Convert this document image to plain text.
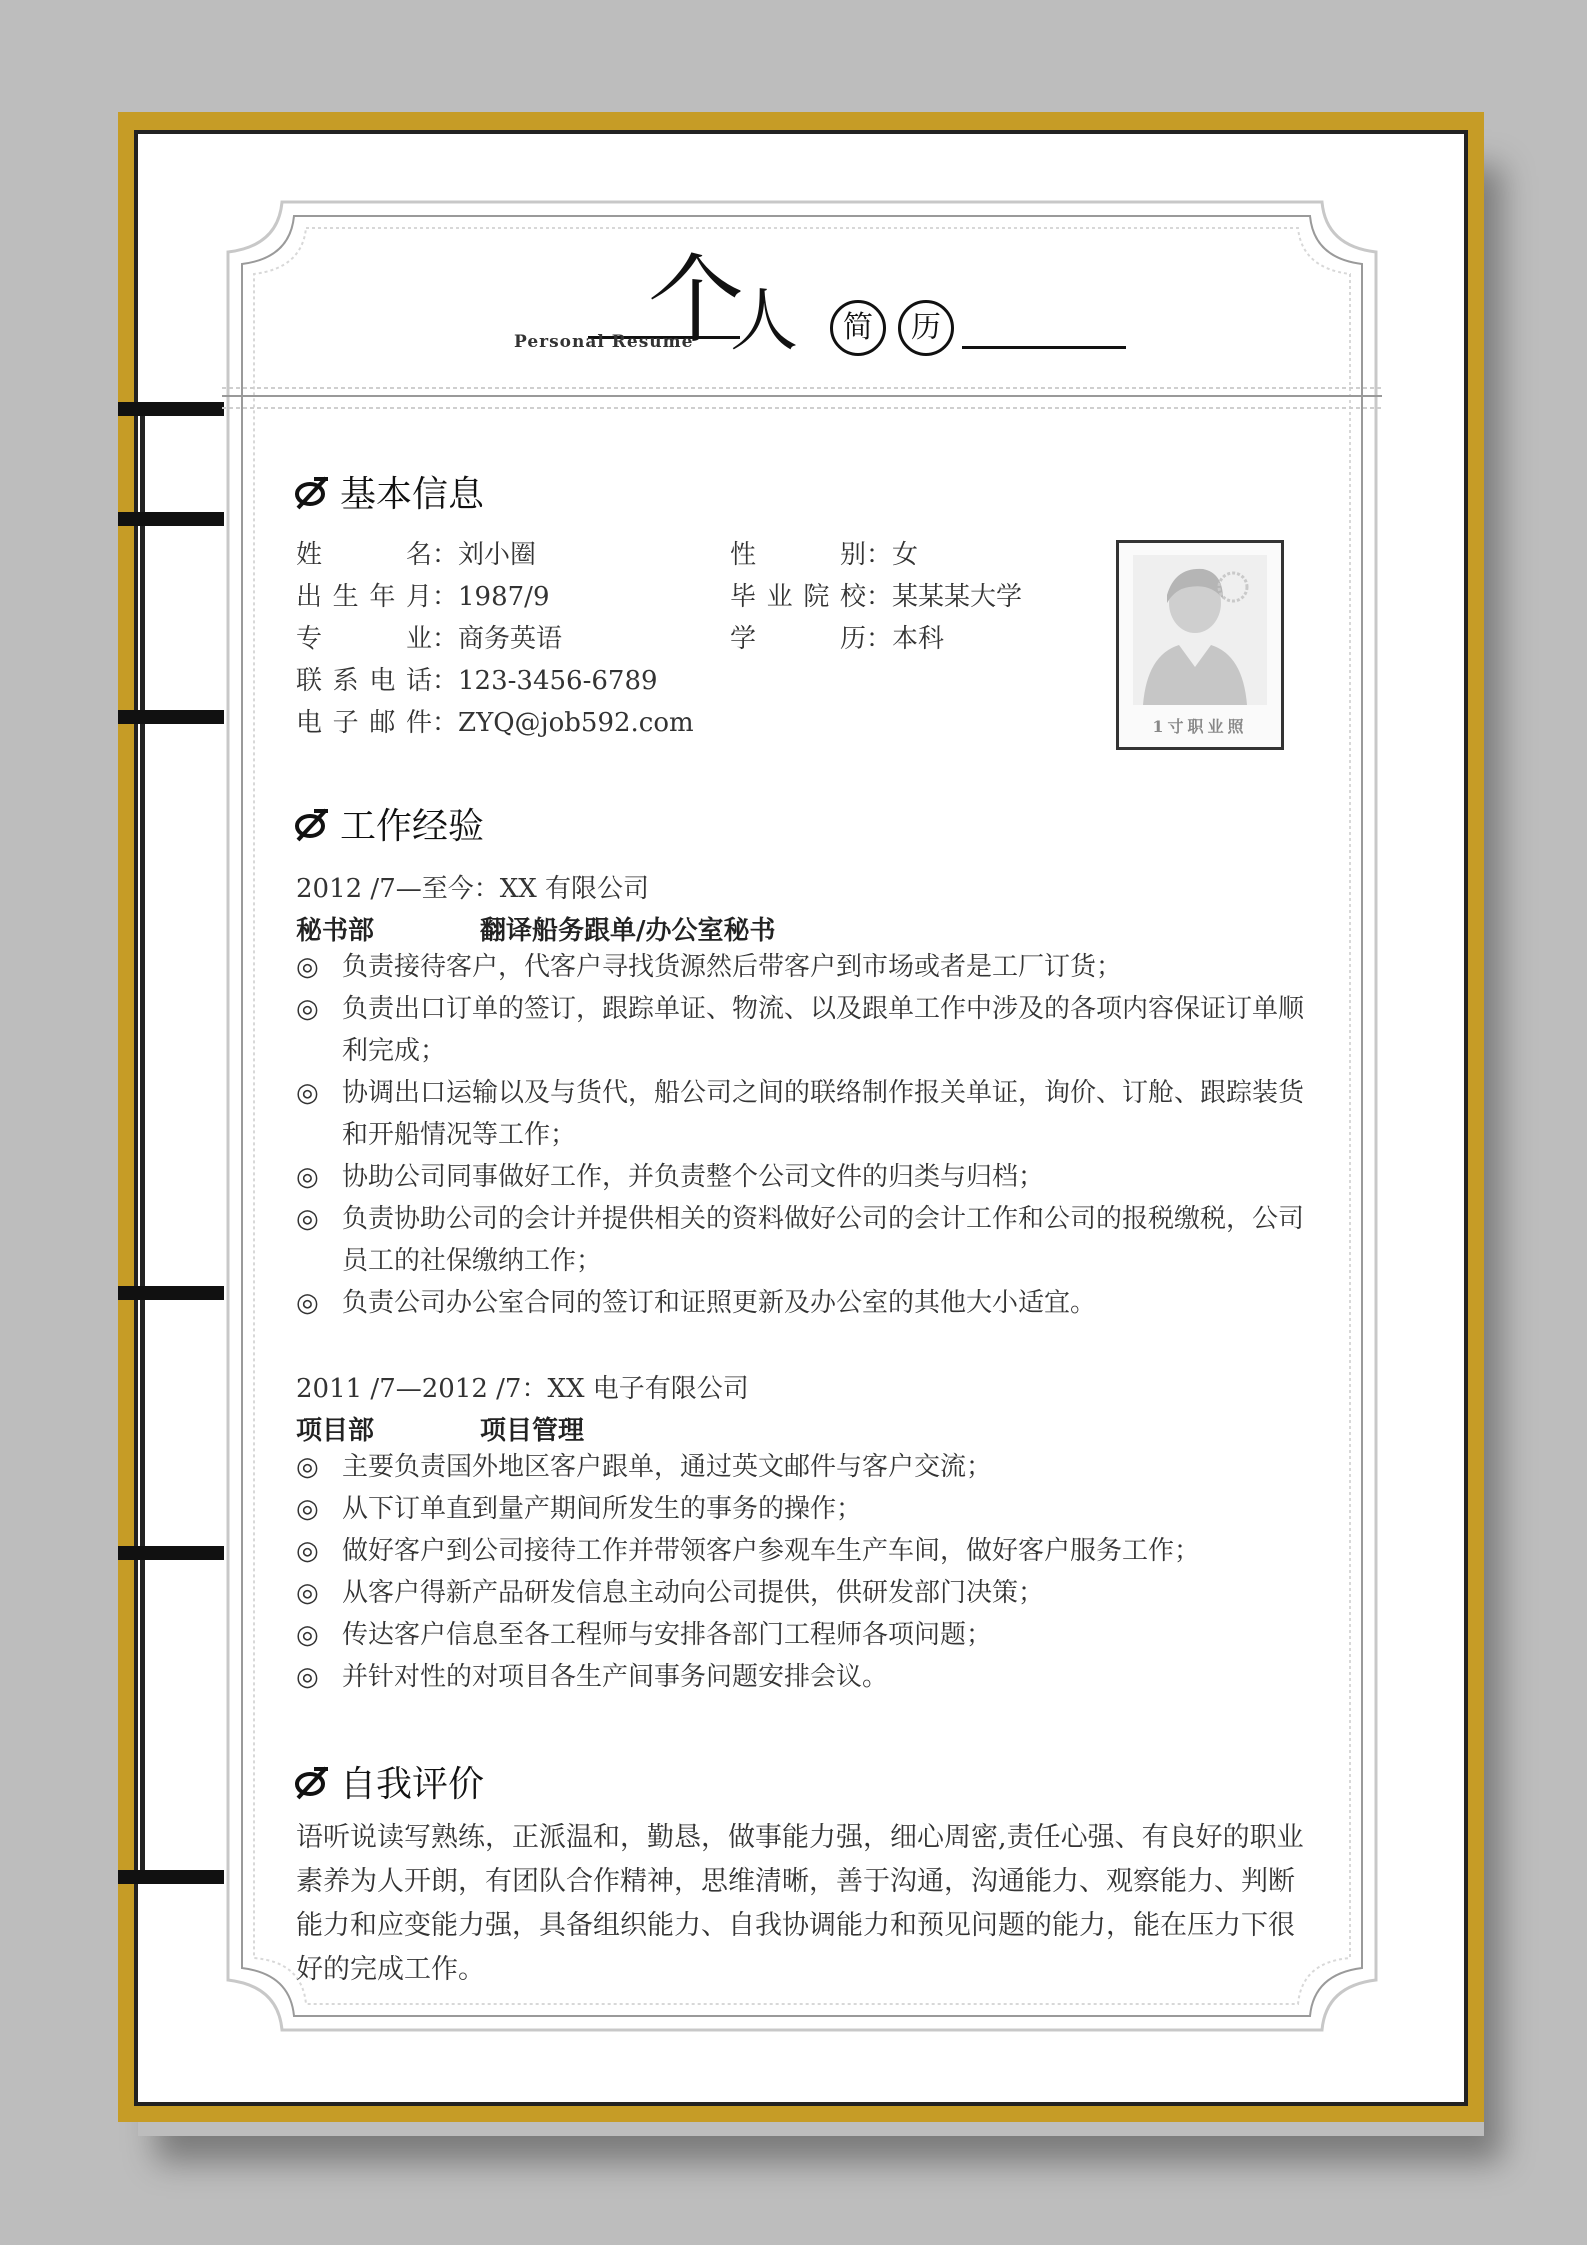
Personal Resume
个
人	简	历
基本信息
姓名：刘小圈
出生年月：1987/9
专业：商务英语
联系电话：123-3456-6789
电子邮件：ZYQ@job592.com
性别：女
毕业院校：某某某大学
学历：本科
1寸职业照
工作经验
2012 /7—至今：XX 有限公司
秘书部	翻译船务跟单/办公室秘书
◎ 负责接待客户，代客户寻找货源然后带客户到市场或者是工厂订货；
◎ 负责出口订单的签订，跟踪单证、物流、以及跟单工作中涉及的各项内容保证订单顺利完成；
◎ 协调出口运输以及与货代，船公司之间的联络制作报关单证，询价、订舱、跟踪装货和开船情况等工作；
◎ 协助公司同事做好工作，并负责整个公司文件的归类与归档；
◎ 负责协助公司的会计并提供相关的资料做好公司的会计工作和公司的报税缴税，公司员工的社保缴纳工作；
◎ 负责公司办公室合同的签订和证照更新及办公室的其他大小适宜。
2011 /7—2012 /7：XX 电子有限公司
项目部	项目管理
◎ 主要负责国外地区客户跟单，通过英文邮件与客户交流；
◎ 从下订单直到量产期间所发生的事务的操作；
◎ 做好客户到公司接待工作并带领客户参观车生产车间，做好客户服务工作；
◎ 从客户得新产品研发信息主动向公司提供，供研发部门决策；
◎ 传达客户信息至各工程师与安排各部门工程师各项问题；
◎ 并针对性的对项目各生产间事务问题安排会议。
自我评价
语听说读写熟练，正派温和，勤恳，做事能力强，细心周密,责任心强、有良好的职业素养为人开朗，有团队合作精神，思维清晰，善于沟通，沟通能力、观察能力、判断能力和应变能力强，具备组织能力、自我协调能力和预见问题的能力，能在压力下很好的完成工作。
